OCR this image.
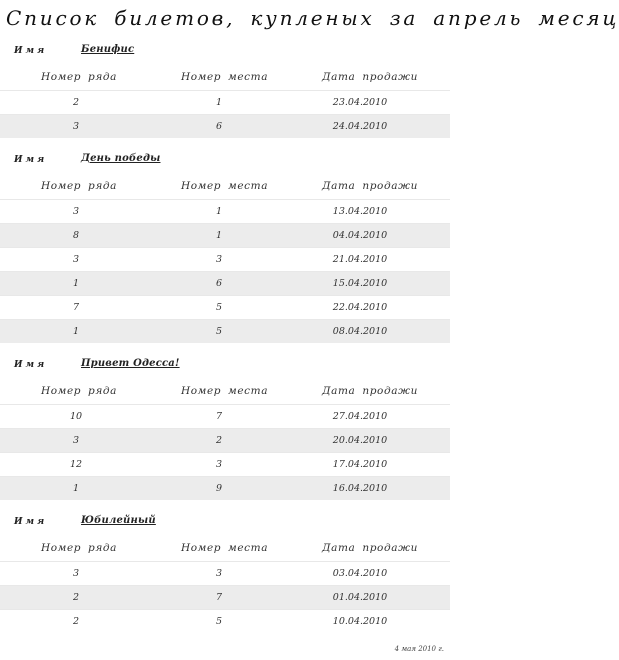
Список билетов, купленых за апрель месяц
Имя	Бенифис
Номер ряда	Номер места	Дата продажи
2	1	23.04.2010
3	6	24.04.2010
Имя	День победы
Номер ряда	Номер места	Дата продажи
3	1	13.04.2010
8	1	04.04.2010
3	3	21.04.2010
1	6	15.04.2010
7	5	22.04.2010
1	5	08.04.2010
Имя	Привет Одесса!
Номер ряда	Номер места	Дата продажи
10	7	27.04.2010
3	2	20.04.2010
12	3	17.04.2010
1	9	16.04.2010
Имя	Юбилейный
Номер ряда	Номер места	Дата продажи
3	3	03.04.2010
2	7	01.04.2010
2	5	10.04.2010
4 мая 2010 г.
